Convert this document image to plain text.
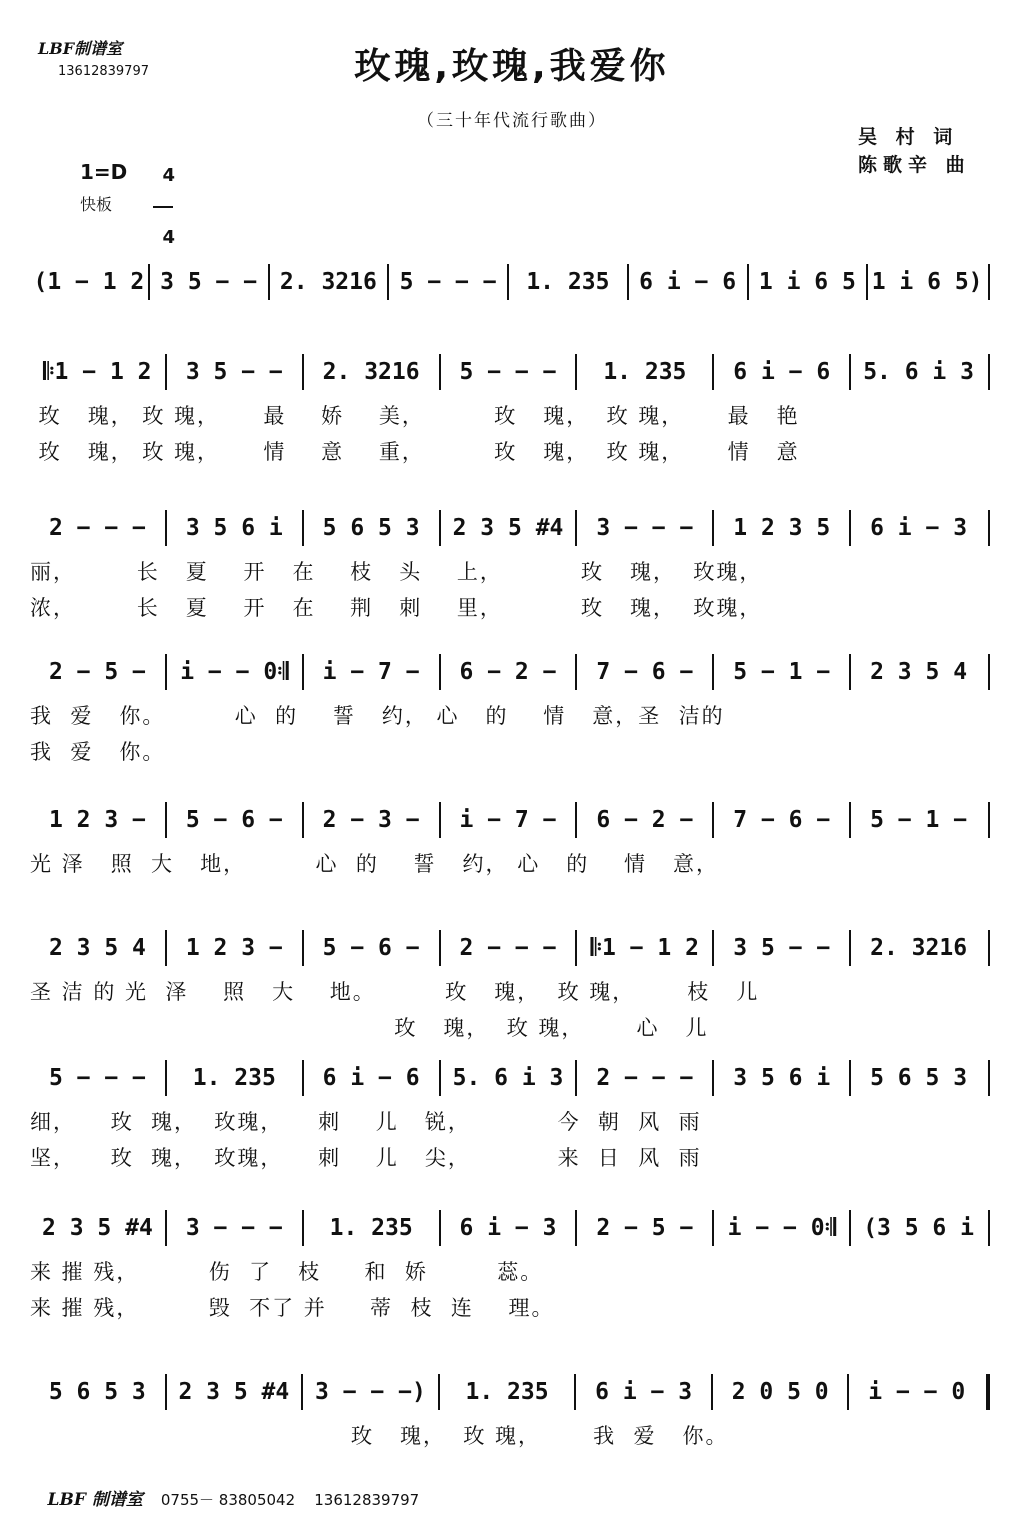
LBF制谱室
13612839797	玫瑰,玫瑰,我爱你
（三十年代流行歌曲）
吴 村 词
陈歌辛 曲
1=D	4

4

快板
(1 − 1 2 3 5 − − 2. 3216 5 − − −	1. 235	6 i − 6 1 i 6 5 1 i 6 5)
𝄆1 − 1 2	3 5 − −	2. 3216	5 − − −	1. 235	6 i − 6	5. 6 i 3
玫   瑰， 玫 瑰，     最    娇    美，        玫   瑰，  玫 瑰，     最   艳
玫   瑰， 玫 瑰，     情    意    重，        玫   瑰，  玫 瑰，     情   意
2 − − −	3 5 6 i	5 6 5 3	2 3 5 #4	3 − − −	1 2 3 5	6 i − 3
丽，       长   夏    开   在    枝   头    上，         玫   瑰，  玫瑰，
浓，       长   夏    开   在    荆   刺    里，         玫   瑰，  玫瑰，
2 − 5 −	i − − 0𝄇	i − 7 −	6 − 2 −	7 − 6 −	5 − 1 −	2 3 5 4
我  爱   你。        心  的    誓   约， 心   的    情   意，圣  洁的
我  爱   你。
1 2 3 −	5 − 6 −	2 − 3 −	i − 7 −	6 − 2 −	7 − 6 −	5 − 1 −
光 泽   照  大   地，        心  的    誓   约， 心   的    情   意，
2 3 5 4	1 2 3 −	5 − 6 −	2 − − −	𝄆1 − 1 2	3 5 − −	2. 3216
圣 洁 的 光  泽    照   大    地。        玫   瑰，  玫 瑰，      枝   儿
玫   瑰，  玫 瑰，      心   儿
5 − − −	1. 235	6 i − 6	5. 6 i 3	2 − − −	3 5 6 i	5 6 5 3
细，    玫  瑰，  玫瑰，    刺    儿   锐，          今  朝  风  雨
坚，    玫  瑰，  玫瑰，    刺    儿   尖，          来  日  风  雨
2 3 5 #4	3 − − −	1. 235	6 i − 3	2 − 5 −	i − − 0𝄇	(3 5 6 i
来 摧 残，        伤  了   枝     和  娇        蕊。
来 摧 残，        毁  不了 并     蒂  枝  连    理。
5 6 5 3	2 3 5 #4	3 − − −)	1. 235	6 i − 3	2 0 5 0	i − − 0
玫   瑰，  玫 瑰，      我  爱   你。

LBF 制谱室 0755－ 83805042 13612839797
